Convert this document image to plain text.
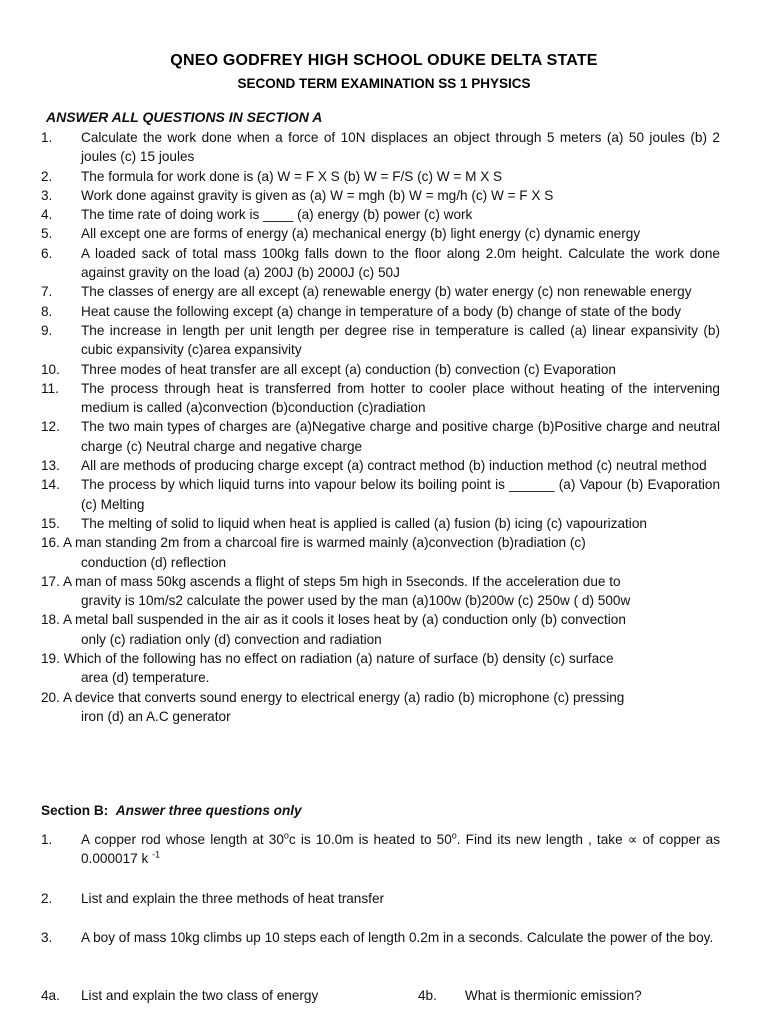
QNEO GODFREY HIGH SCHOOL ODUKE DELTA STATE
SECOND TERM EXAMINATION SS 1 PHYSICS
ANSWER ALL QUESTIONS IN SECTION A
1. Calculate the work done when a force of 10N displaces an object through 5 meters (a) 50 joules (b) 2 joules (c) 15 joules
2. The formula for work done is (a) W = F X S (b) W = F/S (c) W = M X S
3. Work done against gravity is given as (a) W = mgh (b) W = mg/h (c) W = F X S
4. The time rate of doing work is ____ (a) energy (b) power (c) work
5. All except one are forms of energy (a) mechanical energy (b) light energy (c) dynamic energy
6. A loaded sack of total mass 100kg falls down to the floor along 2.0m height. Calculate the work done against gravity on the load (a) 200J (b) 2000J (c) 50J
7. The classes of energy are all except (a) renewable energy (b) water energy (c) non renewable energy
8. Heat cause the following except (a) change in temperature of a body (b) change of state of the body
9. The increase in length per unit length per degree rise in temperature is called (a) linear expansivity (b) cubic expansivity (c)area expansivity
10. Three modes of heat transfer are all except (a) conduction (b) convection (c) Evaporation
11. The process through heat is transferred from hotter to cooler place without heating of the intervening medium is called (a)convection (b)conduction (c)radiation
12. The two main types of charges are (a)Negative charge and positive charge (b)Positive charge and neutral charge (c) Neutral charge and negative charge
13. All are methods of producing charge except (a) contract method (b) induction method (c) neutral method
14. The process by which liquid turns into vapour below its boiling point is ______ (a) Vapour (b) Evaporation (c) Melting
15. The melting of solid to liquid when heat is applied is called (a) fusion (b) icing (c) vapourization
16. A man standing 2m from a charcoal fire is warmed mainly (a)convection (b)radiation (c)
conduction (d) reflection
17. A man of mass 50kg ascends a flight of steps 5m high in 5seconds. If the acceleration due to
gravity is 10m/s2 calculate the power used by the man (a)100w (b)200w (c) 250w ( d) 500w
18. A metal ball suspended in the air as it cools it loses heat by (a) conduction only (b) convection
only (c) radiation only (d) convection and radiation
19. Which of the following has no effect on radiation (a) nature of surface (b) density (c) surface
area (d) temperature.
20. A device that converts sound energy to electrical energy (a) radio (b) microphone (c) pressing
iron (d) an A.C generator
Section B: Answer three questions only
1. A copper rod whose length at 30$^o$c is 10.0m is heated to 50$^o$. Find its new length , take ∝ of copper as 0.000017 k $^{-1}$
2. List and explain the three methods of heat transfer
3. A boy of mass 10kg climbs up 10 steps each of length 0.2m in a seconds. Calculate the power of the boy.
4a. List and explain the two class of energy	4b. What is thermionic emission?
